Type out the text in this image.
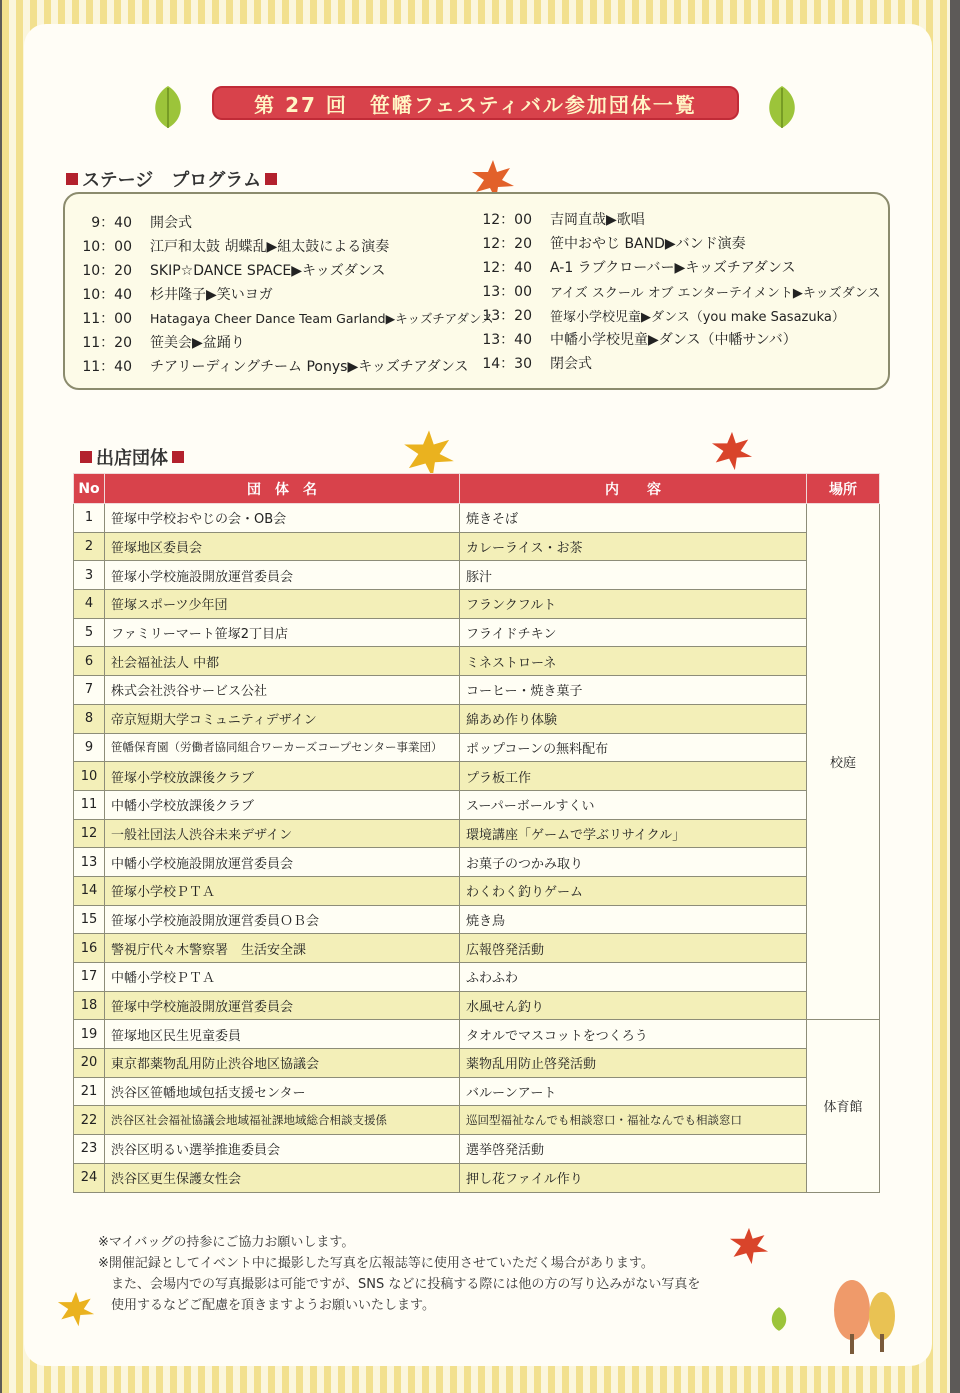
第 27 回　笹幡フェスティバル参加団体一覧
ステージ　プログラム
9：40	開会式
10：00	江戸和太鼓 胡蝶乱▶組太鼓による演奏
10：20	SKIP☆DANCE SPACE▶キッズダンス
10：40	杉井隆子▶笑いヨガ
11：00	Hatagaya Cheer Dance Team Garland▶キッズチアダンス
11：20	笹美会▶盆踊り
11：40	チアリーディングチーム Ponys▶キッズチアダンス
12：00	吉岡直哉▶歌唱
12：20	笹中おやじ BAND▶バンド演奏
12：40	A-1 ラブクローバー▶キッズチアダンス
13：00	アイズ スクール オブ エンターテイメント▶キッズダンス
13：20	笹塚小学校児童▶ダンス（you make Sasazuka）
13：40	中幡小学校児童▶ダンス（中幡サンバ）
14：30	閉会式
出店団体
No	団　体　名	内　　容	場所
1	笹塚中学校おやじの会・OB会	焼きそば	校庭
2	笹塚地区委員会	カレーライス・お茶	
3	笹塚小学校施設開放運営委員会	豚汁	
4	笹塚スポーツ少年団	フランクフルト	
5	ファミリーマート笹塚2丁目店	フライドチキン	
6	社会福祉法人 中都	ミネストローネ	
7	株式会社渋谷サービス公社	コーヒー・焼き菓子	
8	帝京短期大学コミュニティデザイン	綿あめ作り体験	
9	笹幡保育園（労働者協同組合ワーカーズコープセンター事業団）	ポップコーンの無料配布	
10	笹塚小学校放課後クラブ	プラ板工作	
11	中幡小学校放課後クラブ	スーパーボールすくい	
12	一般社団法人渋谷未来デザイン	環境講座「ゲームで学ぶリサイクル」	
13	中幡小学校施設開放運営委員会	お菓子のつかみ取り	
14	笹塚小学校ＰＴＡ	わくわく釣りゲーム	
15	笹塚小学校施設開放運営委員ＯＢ会	焼き鳥	
16	警視庁代々木警察署　生活安全課	広報啓発活動	
17	中幡小学校ＰＴＡ	ふわふわ	
18	笹塚中学校施設開放運営委員会	水風せん釣り	
19	笹塚地区民生児童委員	タオルでマスコットをつくろう	体育館
20	東京都薬物乱用防止渋谷地区協議会	薬物乱用防止啓発活動	
21	渋谷区笹幡地域包括支援センター	バルーンアート	
22	渋谷区社会福祉協議会地域福祉課地域総合相談支援係	巡回型福祉なんでも相談窓口・福祉なんでも相談窓口	
23	渋谷区明るい選挙推進委員会	選挙啓発活動	
24	渋谷区更生保護女性会	押し花ファイル作り	
※マイバッグの持参にご協力お願いします。
※開催記録としてイベント中に撮影した写真を広報誌等に使用させていただく場合があります。
　また、会場内での写真撮影は可能ですが、SNS などに投稿する際には他の方の写り込みがない写真を
　使用するなどご配慮を頂きますようお願いいたします。
